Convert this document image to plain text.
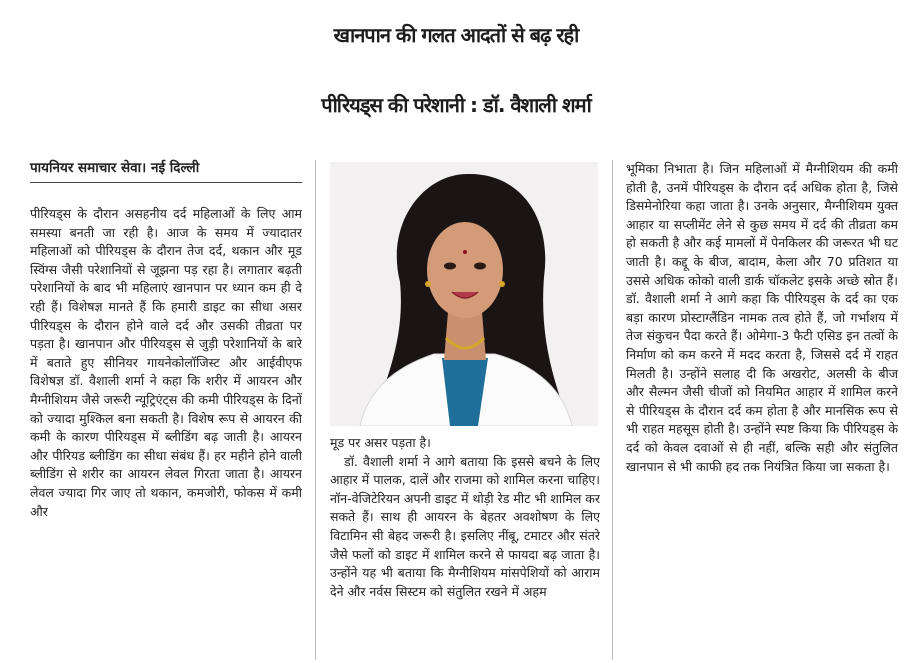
खानपान की गलत आदतों से बढ़ रही
पीरियड्स की परेशानी : डॉ. वैशाली शर्मा
पायनियर समाचार सेवा। नई दिल्ली

पीरियड्स के दौरान असहनीय दर्द महिलाओं के लिए आम समस्या बनती जा रही है। आज के समय में ज्यादातर महिलाओं को पीरियड्स के दौरान तेज दर्द, थकान और मूड स्विंग्स जैसी परेशानियों से जूझना पड़ रहा है। लगातार बढ़ती परेशानियों के बाद भी महिलाएं खानपान पर ध्यान कम ही दे रही हैं। विशेषज्ञ मानते हैं कि हमारी डाइट का सीधा असर पीरियड्स के दौरान होने वाले दर्द और उसकी तीव्रता पर पड़ता है। खानपान और पीरियड्स से जुड़ी परेशानियों के बारे में बताते हुए सीनियर गायनेकोलॉजिस्ट और आईवीएफ विशेषज्ञ डॉ. वैशाली शर्मा ने कहा कि शरीर में आयरन और मैग्नीशियम जैसे जरूरी न्यूट्रिएंट्स की कमी पीरियड्स के दिनों को ज्यादा मुश्किल बना सकती है। विशेष रूप से आयरन की कमी के कारण पीरियड्स में ब्लीडिंग बढ़ जाती है। आयरन और पीरियड ब्लीडिंग का सीधा संबंध हैं। हर महीने होने वाली ब्लीडिंग से शरीर का आयरन लेवल गिरता जाता है। आयरन लेवल ज्यादा गिर जाए तो थकान, कमजोरी, फोकस में कमी और

मूड पर असर पड़ता है।

डॉ. वैशाली शर्मा ने आगे बताया कि इससे बचने के लिए आहार में पालक, दालें और राजमा को शामिल करना चाहिए। नॉन-वेजिटेरियन अपनी डाइट में थोड़ी रेड मीट भी शामिल कर सकते हैं। साथ ही आयरन के बेहतर अवशोषण के लिए विटामिन सी बेहद जरूरी है। इसलिए नींबू, टमाटर और संतरे जैसे फलों को डाइट में शामिल करने से फायदा बढ़ जाता है। उन्होंने यह भी बताया कि मैग्नीशियम मांसपेशियों को आराम देने और नर्वस सिस्टम को संतुलित रखने में अहम

भूमिका निभाता है। जिन महिलाओं में मैग्नीशियम की कमी होती है, उनमें पीरियड्स के दौरान दर्द अधिक होता है, जिसे डिसमेनोरिया कहा जाता है। उनके अनुसार, मैग्नीशियम युक्त आहार या सप्लीमेंट लेने से कुछ समय में दर्द की तीव्रता कम हो सकती है और कई मामलों में पेनकिलर की जरूरत भी घट जाती है। कद्दू के बीज, बादाम, केला और 70 प्रतिशत या उससे अधिक कोको वाली डार्क चॉकलेट इसके अच्छे स्रोत हैं। डॉ. वैशाली शर्मा ने आगे कहा कि पीरियड्स के दर्द का एक बड़ा कारण प्रोस्टाग्लैंडिन नामक तत्व होते हैं, जो गर्भाशय में तेज संकुचन पैदा करते हैं। ओमेगा-3 फैटी एसिड इन तत्वों के निर्माण को कम करने में मदद करता है, जिससे दर्द में राहत मिलती है। उन्होंने सलाह दी कि अखरोट, अलसी के बीज और सैल्मन जैसी चीजों को नियमित आहार में शामिल करने से पीरियड्स के दौरान दर्द कम होता है और मानसिक रूप से भी राहत महसूस होती है। उन्होंने स्पष्ट किया कि पीरियड्स के दर्द को केवल दवाओं से ही नहीं, बल्कि सही और संतुलित खानपान से भी काफी हद तक नियंत्रित किया जा सकता है।
